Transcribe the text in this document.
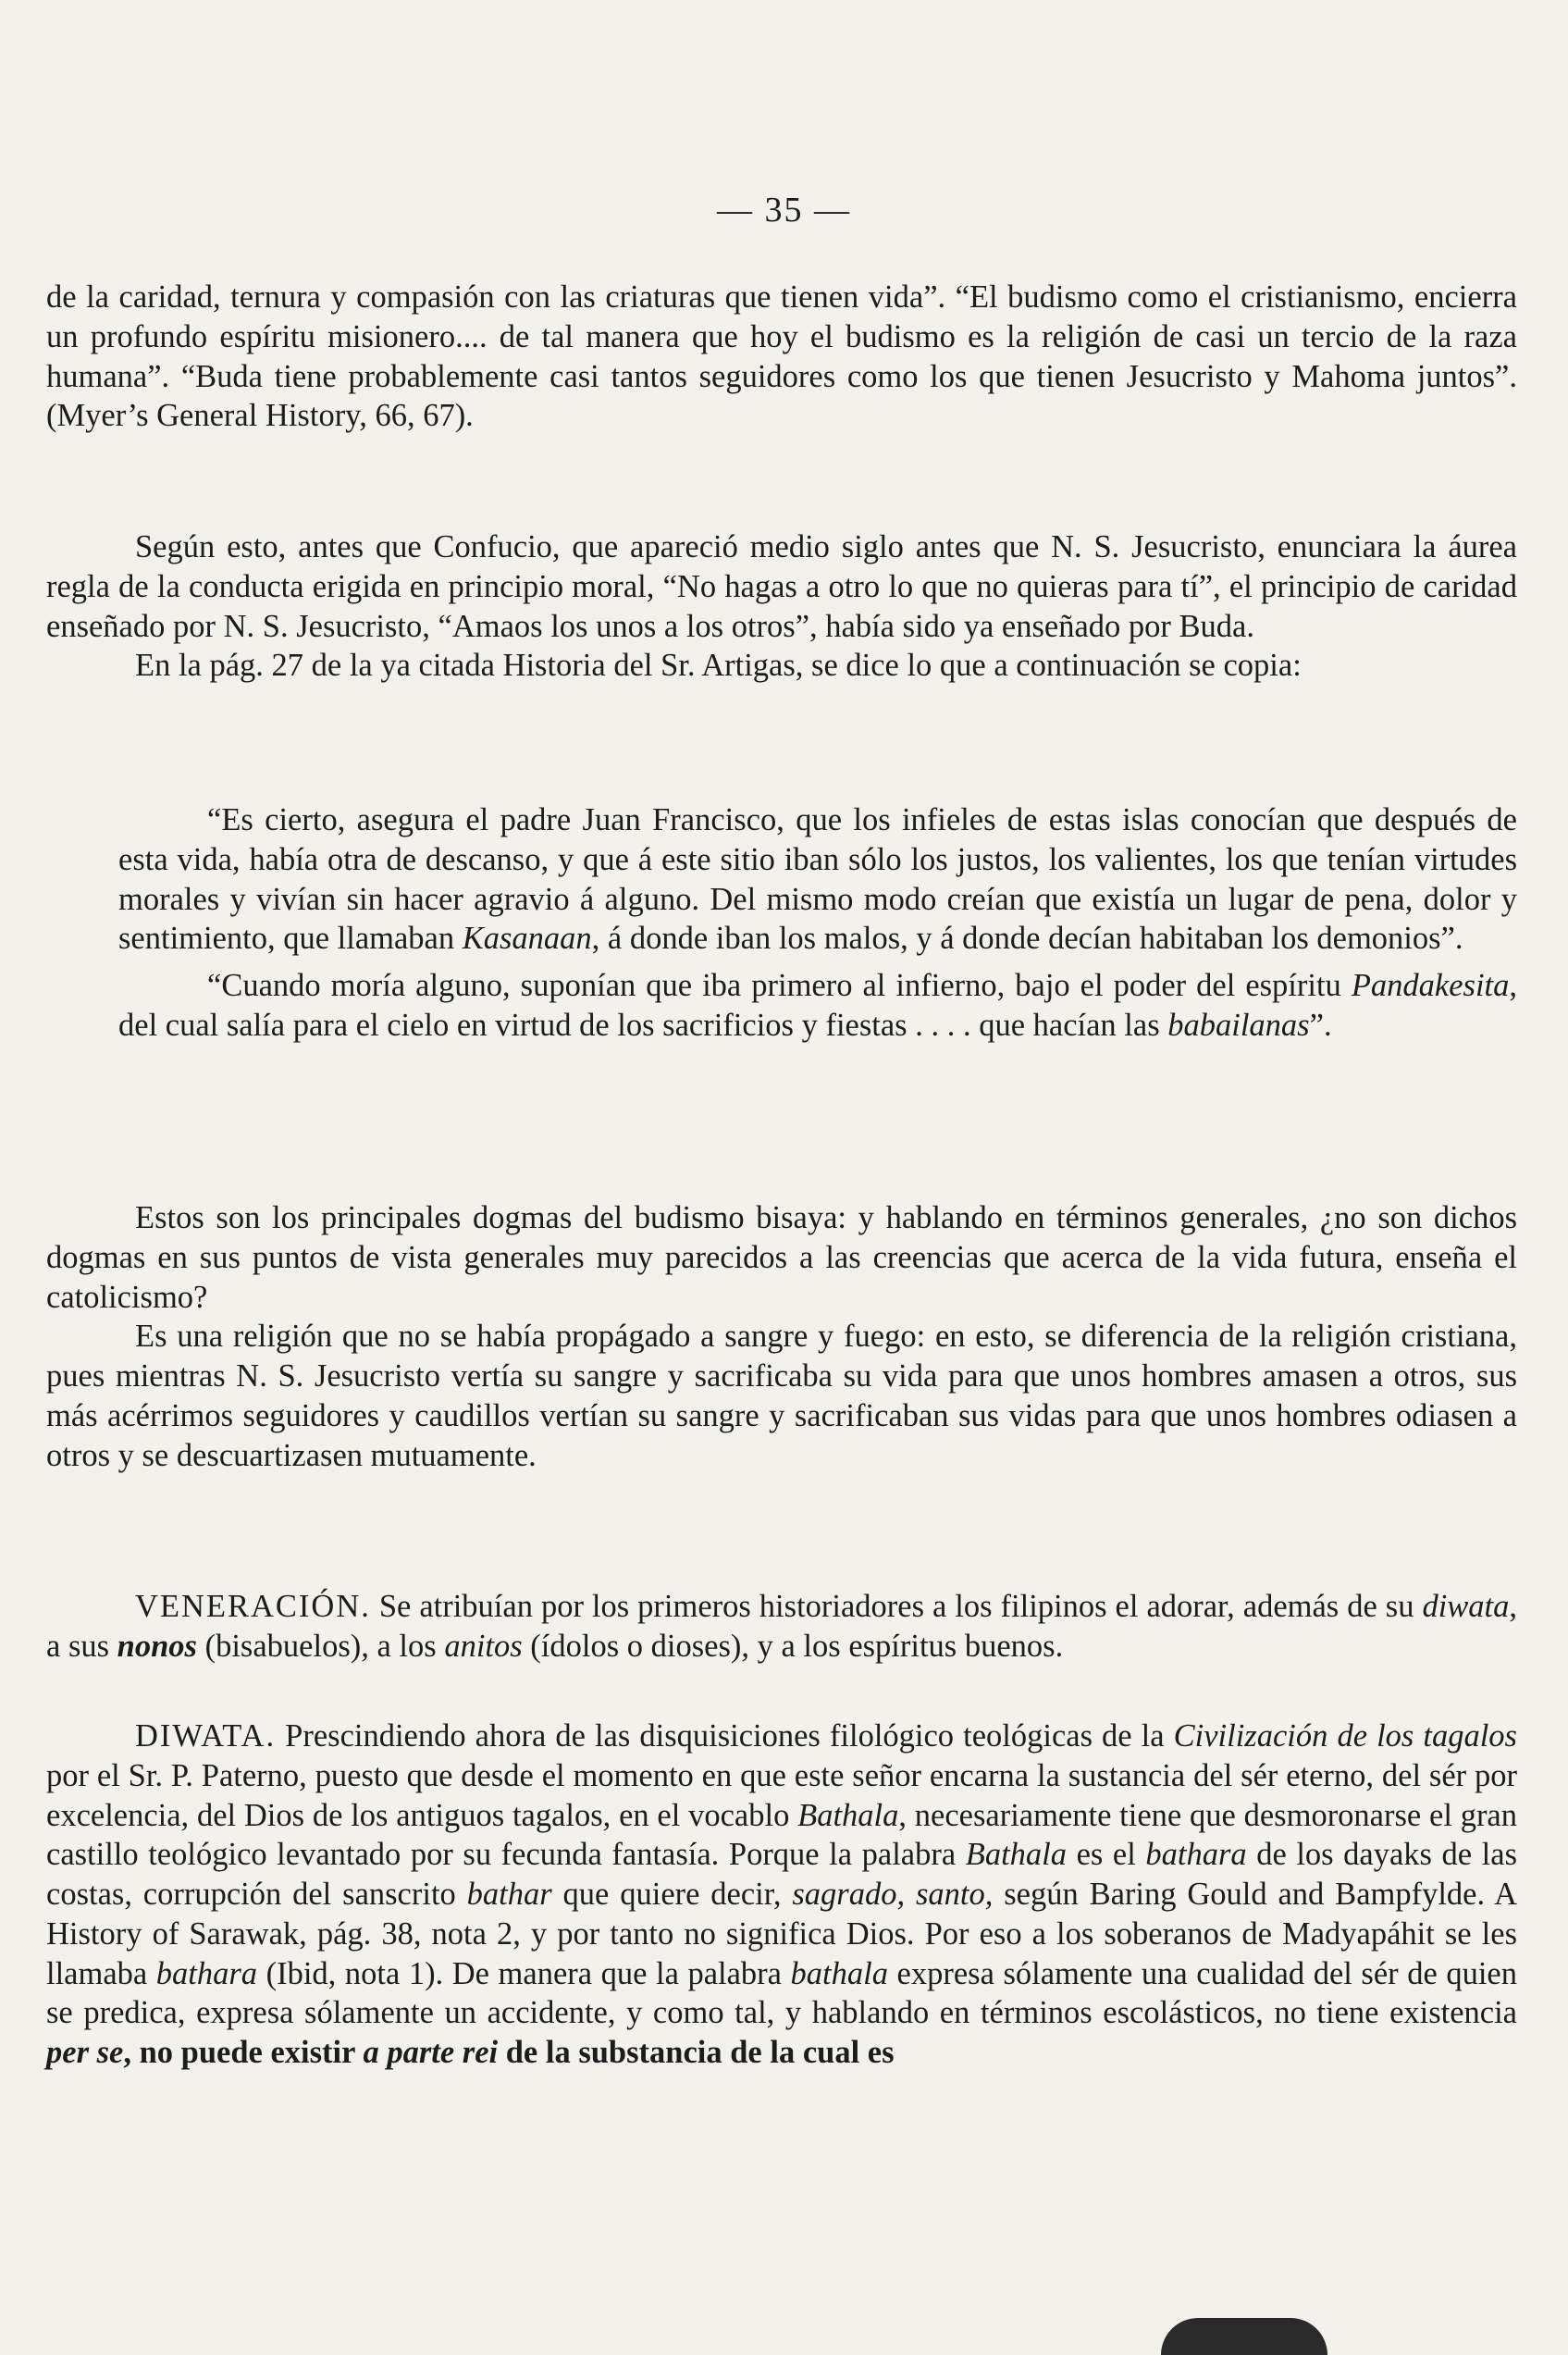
— 35 —

de la caridad, ternura y compasión con las criaturas que tienen vida”. “El budismo como el cristianismo, encierra un profundo espíritu misionero.... de tal manera que hoy el budismo es la religión de casi un tercio de la raza humana”. “Buda tiene probablemente casi tantos seguidores como los que tienen Jesucristo y Mahoma juntos”. (Myer’s General History, 66, 67).

Según esto, antes que Confucio, que apareció medio siglo antes que N. S. Jesucristo, enunciara la áurea regla de la conducta erigida en principio moral, “No hagas a otro lo que no quieras para tí”, el principio de caridad enseñado por N. S. Jesucristo, “Amaos los unos a los otros”, había sido ya enseñado por Buda.

En la pág. 27 de la ya citada Historia del Sr. Artigas, se dice lo que a continuación se copia:

“Es cierto, asegura el padre Juan Francisco, que los infieles de estas islas conocían que después de esta vida, había otra de descanso, y que á este sitio iban sólo los justos, los valientes, los que tenían virtudes morales y vivían sin hacer agravio á alguno. Del mismo modo creían que existía un lugar de pena, dolor y sentimiento, que llamaban Kasanaan, á donde iban los malos, y á donde decían habitaban los demonios”.

“Cuando moría alguno, suponían que iba primero al infierno, bajo el poder del espíritu Pandakesita, del cual salía para el cielo en virtud de los sacrificios y fiestas . . . . que hacían las babailanas”.

Estos son los principales dogmas del budismo bisaya: y hablando en términos generales, ¿no son dichos dogmas en sus puntos de vista generales muy parecidos a las creencias que acerca de la vida futura, enseña el catolicismo?

Es una religión que no se había propágado a sangre y fuego: en esto, se diferencia de la religión cristiana, pues mientras N. S. Jesucristo vertía su sangre y sacrificaba su vida para que unos hombres amasen a otros, sus más acérrimos seguidores y caudillos vertían su sangre y sacrificaban sus vidas para que unos hombres odiasen a otros y se descuartizasen mutuamente.

VENERACIÓN. Se atribuían por los primeros historiadores a los filipinos el adorar, además de su diwata, a sus nonos (bisabuelos), a los anitos (ídolos o dioses), y a los espíritus buenos.

DIWATA. Prescindiendo ahora de las disquisiciones filológico teológicas de la Civilización de los tagalos por el Sr. P. Paterno, puesto que desde el momento en que este señor encarna la sustancia del sér eterno, del sér por excelencia, del Dios de los antiguos tagalos, en el vocablo Bathala, necesariamente tiene que desmoronarse el gran castillo teológico levantado por su fecunda fantasía. Porque la palabra Bathala es el bathara de los dayaks de las costas, corrupción del sanscrito bathar que quiere decir, sagrado, santo, según Baring Gould and Bampfylde. A History of Sarawak, pág. 38, nota 2, y por tanto no significa Dios. Por eso a los soberanos de Madyapáhit se les llamaba bathara (Ibid, nota 1). De manera que la palabra bathala expresa sólamente una cualidad del sér de quien se predica, expresa sólamente un accidente, y como tal, y hablando en términos escolásticos, no tiene existencia per se, no puede existir a parte rei de la substancia de la cual es
